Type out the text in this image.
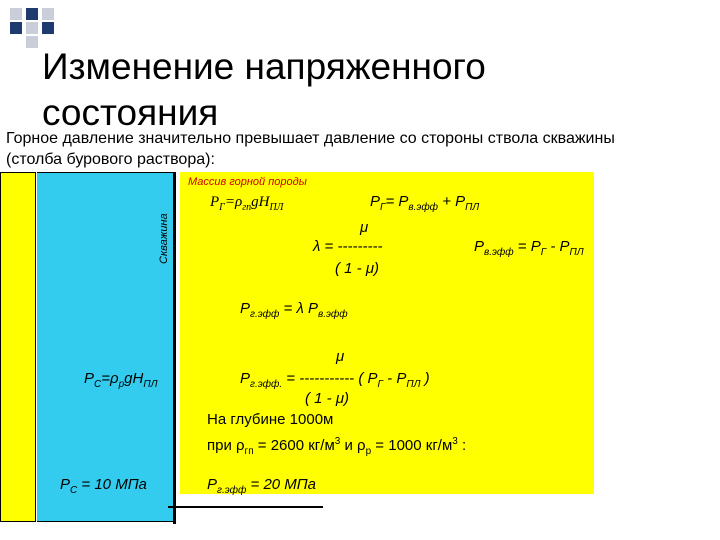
Изменение напряженного состояния
Горное давление значительно превышает давление со стороны ствола скважины (столба бурового раствора):
Скважина
Массив горной породы
$P_Г=\rho_{гп}gH_{ПЛ}$	$P_Г= P_{в.эфф} + P_{ПЛ}$
μ
λ = ---------
( 1 - μ)
$P_{в.эфф} = P_Г - P_{ПЛ}$
$P_{г.эфф} = \lambda$ $P_{в.эфф}$
$P_С=\rho_рgH_{ПЛ}$
μ
$P_{г.эфф.}$ = ----------- ( $P_Г - P_{ПЛ}$ )
( 1 - μ)
На глубине 1000м
при $\rho_{гп} = 2600$ $кг/м^3$ и $\rho_р = 1000$ $кг/м^3$ :
$P_С = 10$ МПа	$P_{г.эфф} = 20$ МПа
